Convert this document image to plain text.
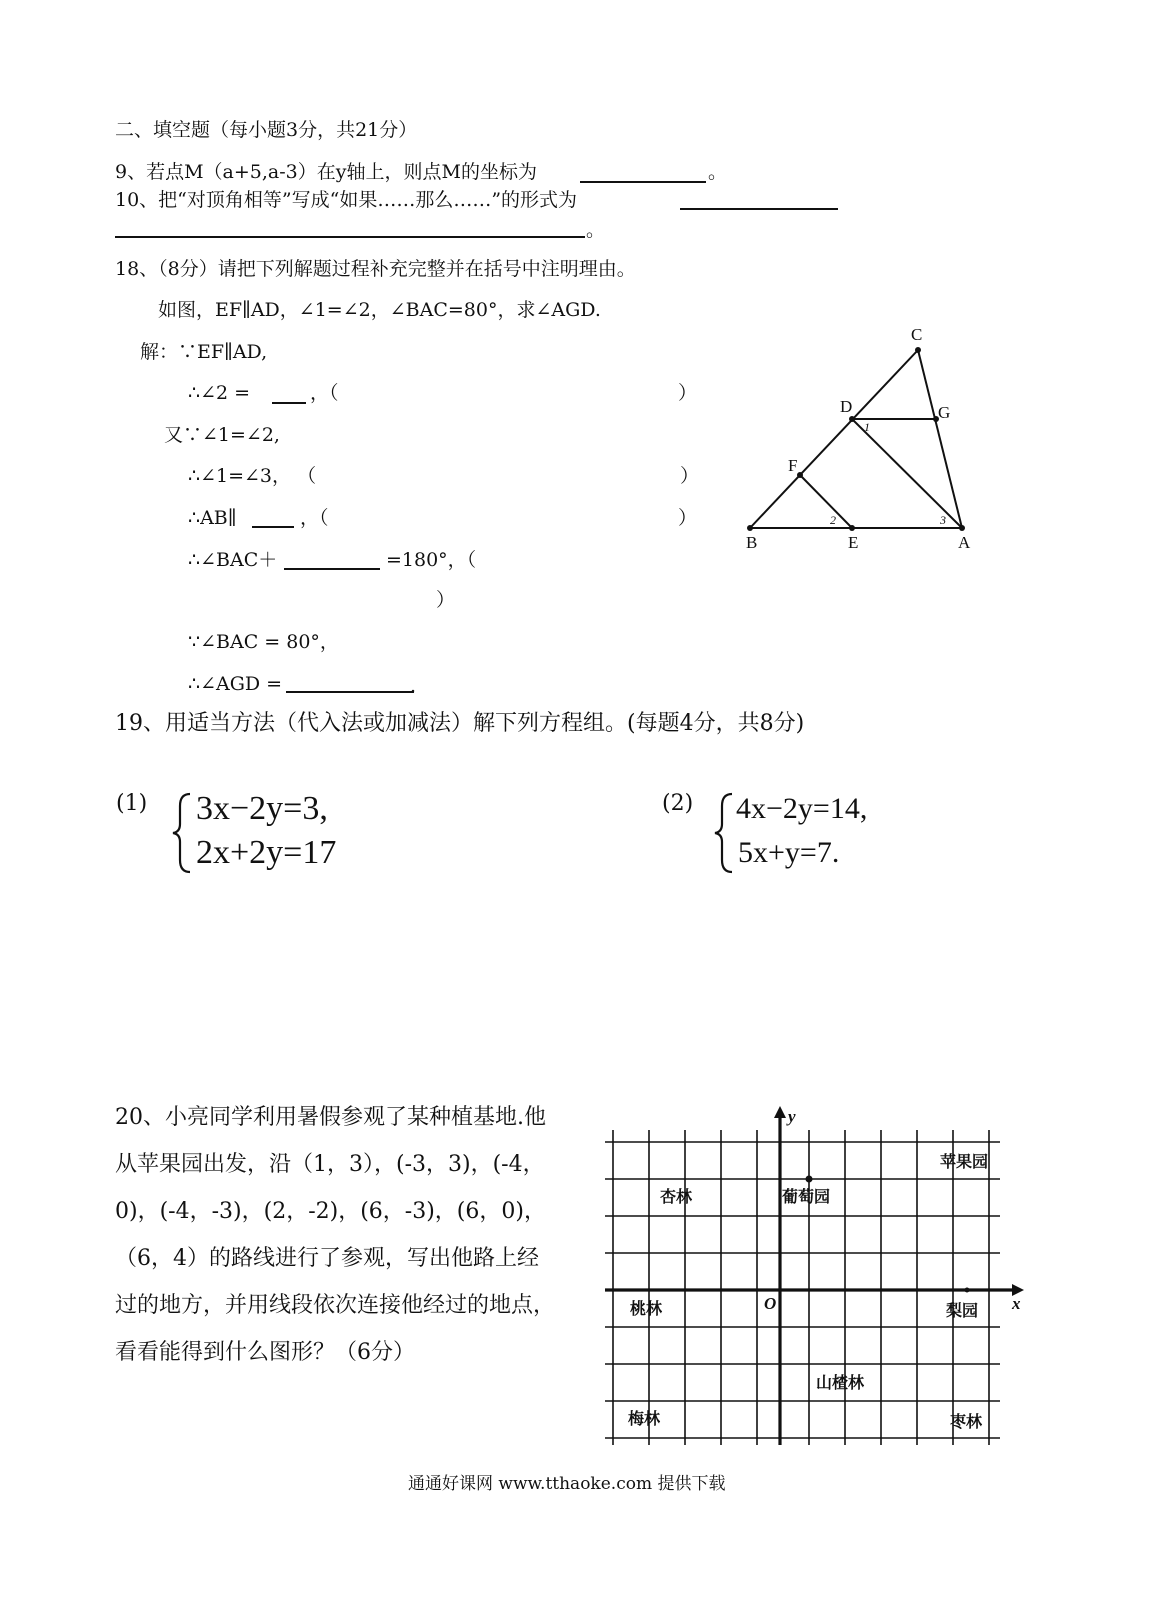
二、填空题（每小题3分，共21分）
9、若点M（a+5,a-3）在y轴上，则点M的坐标为	。
10、把“对顶角相等”写成“如果……那么……”的形式为
。
18、（8分）请把下列解题过程补充完整并在括号中注明理由。
如图，EF∥AD，∠1=∠2，∠BAC=80°，求∠AGD.
解：∵EF∥AD,
∴∠2 =	，（	）
又∵∠1=∠2,
∴∠1=∠3， （	）
∴AB∥	，（	）
∴∠BAC＋	=180°，（
）
∵∠BAC = 80°，
∴∠AGD =	.
C
D	G
F
B	E	A
1
2	3
19、用适当方法（代入法或加减法）解下列方程组。(每题4分，共8分)
(1) 3x−2y=3,
2x+2y=17
(2) 4x−2y=14,
5x+y=7.
20、小亮同学利用暑假参观了某种植基地.他
从苹果园出发，沿（1，3），(-3，3)，(-4，
0)，(-4，-3)，(2，-2)，(6，-3)，(6，0)，
（6，4）的路线进行了参观，写出他路上经
过的地方，并用线段依次连接他经过的地点，
看看能得到什么图形？（6分）
y
x
O
苹果园
杏林	葡萄园
桃林	梨园
山楂林
梅林	枣林
通通好课网 www.tthaoke.com 提供下载
